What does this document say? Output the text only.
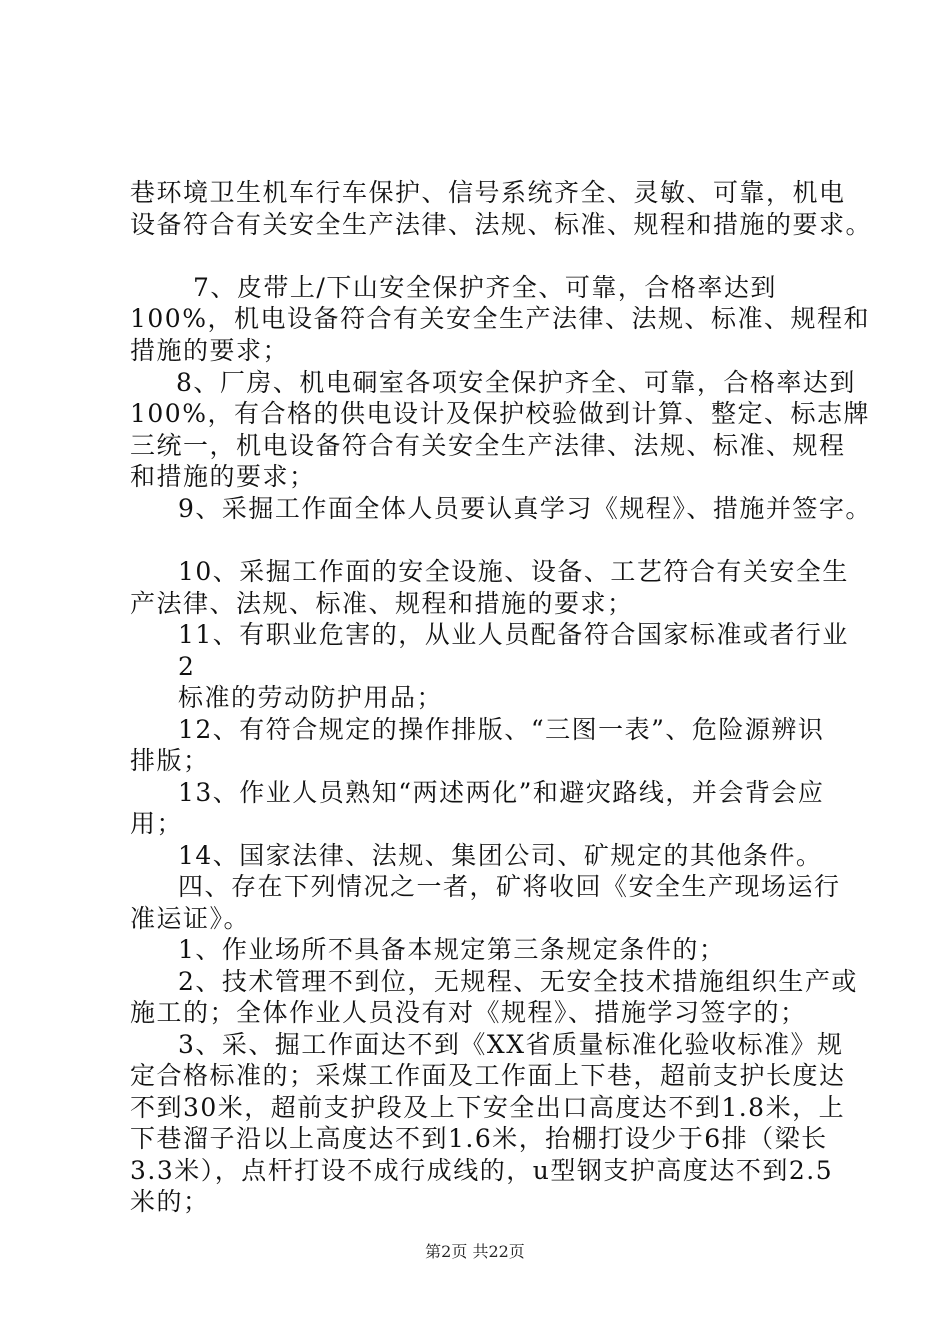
巷环境卫生机车行车保护、信号系统齐全、灵敏、可靠，机电
设备符合有关安全生产法律、法规、标准、规程和措施的要求。
7、皮带上/下山安全保护齐全、可靠，合格率达到
100%，机电设备符合有关安全生产法律、法规、标准、规程和
措施的要求；
8、厂房、机电硐室各项安全保护齐全、可靠，合格率达到
100%，有合格的供电设计及保护校验做到计算、整定、标志牌
三统一，机电设备符合有关安全生产法律、法规、标准、规程
和措施的要求；
9、采掘工作面全体人员要认真学习《规程》、措施并签字。
10、采掘工作面的安全设施、设备、工艺符合有关安全生
产法律、法规、标准、规程和措施的要求；
11、有职业危害的，从业人员配备符合国家标准或者行业
2
标准的劳动防护用品；
12、有符合规定的操作排版、“三图一表”、危险源辨识
排版；
13、作业人员熟知“两述两化”和避灾路线，并会背会应
用；
14、国家法律、法规、集团公司、矿规定的其他条件。
四、存在下列情况之一者，矿将收回《安全生产现场运行
准运证》。
1、作业场所不具备本规定第三条规定条件的；
2、技术管理不到位，无规程、无安全技术措施组织生产或
施工的；全体作业人员没有对《规程》、措施学习签字的；
3、采、掘工作面达不到《XX省质量标准化验收标准》规
定合格标准的；采煤工作面及工作面上下巷，超前支护长度达
不到30米，超前支护段及上下安全出口高度达不到1.8米，上
下巷溜子沿以上高度达不到1.6米，抬棚打设少于6排（梁长
3.3米），点杆打设不成行成线的，u型钢支护高度达不到2.5
米的；
第2页 共22页
